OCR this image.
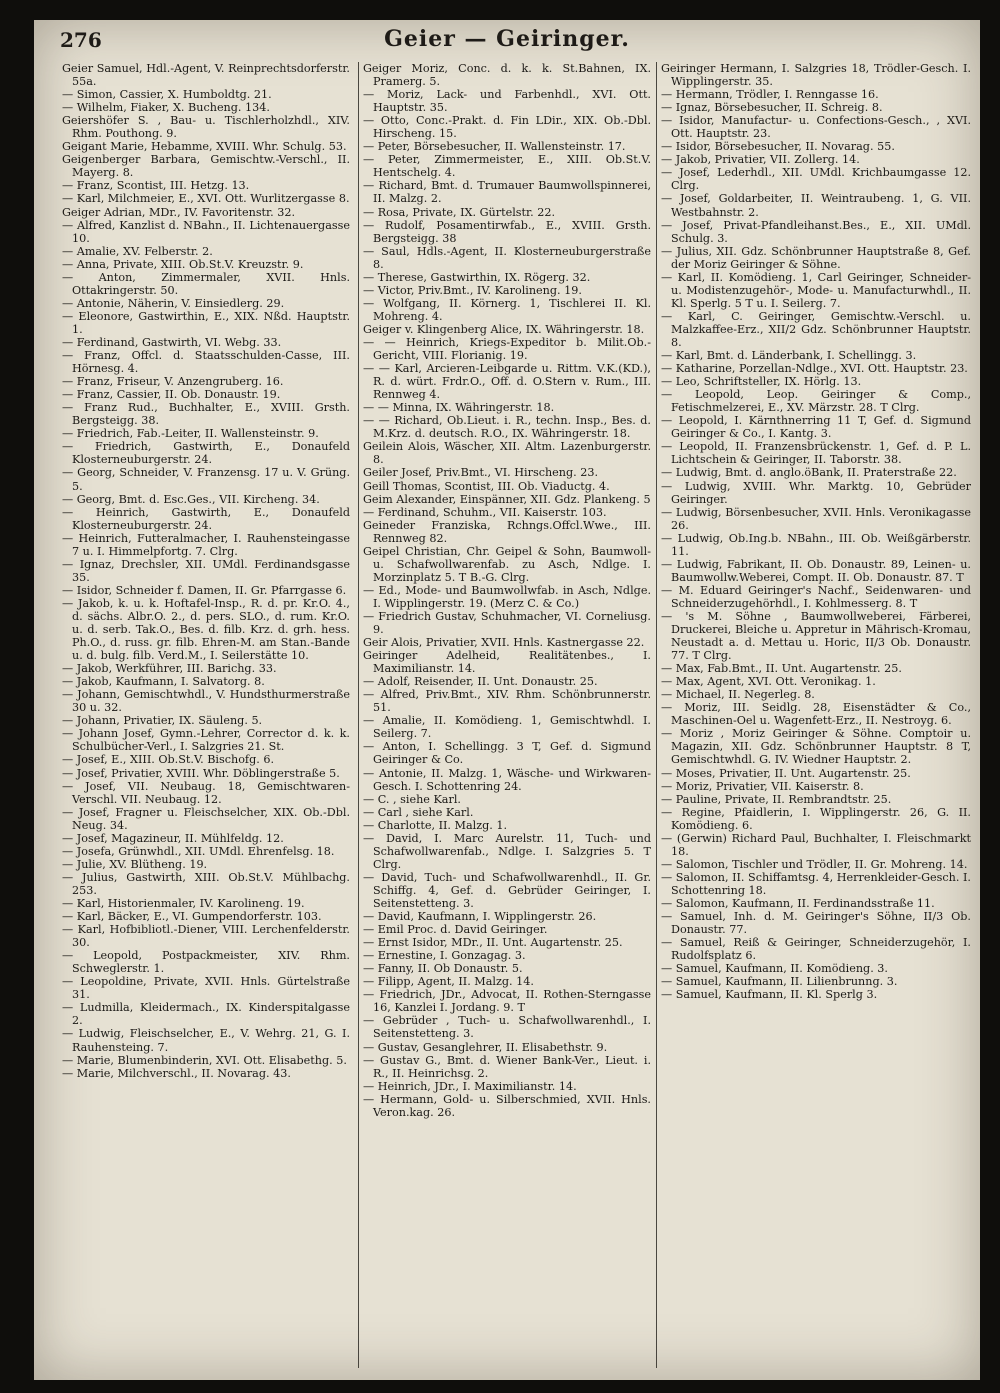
276	Geier — Geiringer.
Geier Samuel, Hdl.-Agent, V. Reinprechtsdorferstr. 55a.
— Simon, Cassier, X. Humboldtg. 21.
— Wilhelm, Fiaker, X. Bucheng. 134.
Geiershöfer S. , Bau- u. Tischlerholzhdl., XIV. Rhm. Pouthong. 9.
Geigant Marie, Hebamme, XVIII. Whr. Schulg. 53.
Geigenberger Barbara, Gemischtw.-Verschl., II. Mayerg. 8.
— Franz, Scontist, III. Hetzg. 13.
— Karl, Milchmeier, E., XVI. Ott. Wurlitzergasse 8.
Geiger Adrian, MDr., IV. Favoritenstr. 32.
— Alfred, Kanzlist d. NBahn., II. Lichtenauergasse 10.
— Amalie, XV. Felberstr. 2.
— Anna, Private, XIII. Ob.St.V. Kreuzstr. 9.
— Anton, Zimmermaler, XVII. Hnls. Ottakringerstr. 50.
— Antonie, Näherin, V. Einsiedlerg. 29.
— Eleonore, Gastwirthin, E., XIX. Nßd. Hauptstr. 1.
— Ferdinand, Gastwirth, VI. Webg. 33.
— Franz, Offcl. d. Staatsschulden-Casse, III. Hörnesg. 4.
— Franz, Friseur, V. Anzengruberg. 16.
— Franz, Cassier, II. Ob. Donaustr. 19.
— Franz Rud., Buchhalter, E., XVIII. Grsth. Bergsteigg. 38.
— Friedrich, Fab.-Leiter, II. Wallensteinstr. 9.
— Friedrich, Gastwirth, E., Donaufeld Klosterneuburgerstr. 24.
— Georg, Schneider, V. Franzensg. 17 u. V. Grüng. 5.
— Georg, Bmt. d. Esc.Ges., VII. Kircheng. 34.
— Heinrich, Gastwirth, E., Donaufeld Klosterneuburgerstr. 24.
— Heinrich, Futteralmacher, I. Rauhensteingasse 7 u. I. Himmelpfortg. 7. Clrg.
— Ignaz, Drechsler, XII. UMdl. Ferdinandsgasse 35.
— Isidor, Schneider f. Damen, II. Gr. Pfarrgasse 6.
— Jakob, k. u. k. Hoftafel-Insp., R. d. pr. Kr.O. 4., d. sächs. Albr.O. 2., d. pers. SLO., d. rum. Kr.O. u. d. serb. Tak.O., Bes. d. filb. Krz. d. grh. hess. Ph.O., d. russ. gr. filb. Ehren-M. am Stan.-Bande u. d. bulg. filb. Verd.M., I. Seilerstätte 10.
— Jakob, Werkführer, III. Barichg. 33.
— Jakob, Kaufmann, I. Salvatorg. 8.
— Johann, Gemischtwhdl., V. Hundsthurmerstraße 30 u. 32.
— Johann, Privatier, IX. Säuleng. 5.
— Johann Josef, Gymn.-Lehrer, Corrector d. k. k. Schulbücher-Verl., I. Salzgries 21. St.
— Josef, E., XIII. Ob.St.V. Bischofg. 6.
— Josef, Privatier, XVIII. Whr. Döblingerstraße 5.
— Josef, VII. Neubaug. 18, Gemischtwaren-Verschl. VII. Neubaug. 12.
— Josef, Fragner u. Fleischselcher, XIX. Ob.-Dbl. Neug. 34.
— Josef, Magazineur, II. Mühlfeldg. 12.
— Josefa, Grünwhdl., XII. UMdl. Ehrenfelsg. 18.
— Julie, XV. Blütheng. 19.
— Julius, Gastwirth, XIII. Ob.St.V. Mühlbachg. 253.
— Karl, Historienmaler, IV. Karolineng. 19.
— Karl, Bäcker, E., VI. Gumpendorferstr. 103.
— Karl, Hofbibliotl.-Diener, VIII. Lerchenfelderstr. 30.
— Leopold, Postpackmeister, XIV. Rhm. Schweglerstr. 1.
— Leopoldine, Private, XVII. Hnls. Gürtelstraße 31.
— Ludmilla, Kleidermach., IX. Kinderspitalgasse 2.
— Ludwig, Fleischselcher, E., V. Wehrg. 21, G. I. Rauhensteing. 7.
— Marie, Blumenbinderin, XVI. Ott. Elisabethg. 5.
— Marie, Milchverschl., II. Novarag. 43.
Geiger Moriz, Conc. d. k. k. St.Bahnen, IX. Pramerg. 5.
— Moriz, Lack- und Farbenhdl., XVI. Ott. Hauptstr. 35.
— Otto, Conc.-Prakt. d. Fin LDir., XIX. Ob.-Dbl. Hirscheng. 15.
— Peter, Börsebesucher, II. Wallensteinstr. 17.
— Peter, Zimmermeister, E., XIII. Ob.St.V. Hentschelg. 4.
— Richard, Bmt. d. Trumauer Baumwollspinnerei, II. Malzg. 2.
— Rosa, Private, IX. Gürtelstr. 22.
— Rudolf, Posamentirwfab., E., XVIII. Grsth. Bergsteigg. 38
— Saul, Hdls.-Agent, II. Klosterneuburgerstraße 8.
— Therese, Gastwirthin, IX. Rögerg. 32.
— Victor, Priv.Bmt., IV. Karolineng. 19.
— Wolfgang, II. Körnerg. 1, Tischlerei II. Kl. Mohreng. 4.
Geiger v. Klingenberg Alice, IX. Währingerstr. 18.
— — Heinrich, Kriegs-Expeditor b. Milit.Ob.-Gericht, VIII. Florianig. 19.
— — Karl, Arcieren-Leibgarde u. Rittm. V.K.(KD.), R. d. würt. Frdr.O., Off. d. O.Stern v. Rum., III. Rennweg 4.
— — Minna, IX. Währingerstr. 18.
— — Richard, Ob.Lieut. i. R., techn. Insp., Bes. d. M.Krz. d. deutsch. R.O., IX. Währingerstr. 18.
Geilein Alois, Wäscher, XII. Altm. Lazenburgerstr. 8.
Geiler Josef, Priv.Bmt., VI. Hirscheng. 23.
Geill Thomas, Scontist, III. Ob. Viaductg. 4.
Geim Alexander, Einspänner, XII. Gdz. Plankeng. 5
— Ferdinand, Schuhm., VII. Kaiserstr. 103.
Geineder Franziska, Rchngs.Offcl.Wwe., III. Rennweg 82.
Geipel Christian, Chr. Geipel & Sohn, Baumwoll- u. Schafwollwarenfab. zu Asch, Ndlge. I. Morzinplatz 5. T B.-G. Clrg.
— Ed., Mode- und Baumwollwfab. in Asch, Ndlge. I. Wipplingerstr. 19. (Merz C. & Co.)
— Friedrich Gustav, Schuhmacher, VI. Corneliusg. 9.
Geir Alois, Privatier, XVII. Hnls. Kastnergasse 22.
Geiringer Adelheid, Realitätenbes., I. Maximilianstr. 14.
— Adolf, Reisender, II. Unt. Donaustr. 25.
— Alfred, Priv.Bmt., XIV. Rhm. Schönbrunnerstr. 51.
— Amalie, II. Komödieng. 1, Gemischtwhdl. I. Seilerg. 7.
— Anton, I. Schellingg. 3 T, Gef. d. Sigmund Geiringer & Co.
— Antonie, II. Malzg. 1, Wäsche- und Wirkwaren-Gesch. I. Schottenring 24.
— C. , siehe Karl.
— Carl , siehe Karl.
— Charlotte, II. Malzg. 1.
— David, I. Marc Aurelstr. 11, Tuch- und Schafwollwarenfab., Ndlge. I. Salzgries 5. T Clrg.
— David, Tuch- und Schafwollwarenhdl., II. Gr. Schiffg. 4, Gef. d. Gebrüder Geiringer, I. Seitenstetteng. 3.
— David, Kaufmann, I. Wipplingerstr. 26.
— Emil Proc. d. David Geiringer.
— Ernst Isidor, MDr., II. Unt. Augartenstr. 25.
— Ernestine, I. Gonzagag. 3.
— Fanny, II. Ob Donaustr. 5.
— Filipp, Agent, II. Malzg. 14.
— Friedrich, JDr., Advocat, II. Rothen-Sterngasse 16, Kanzlei I. Jordang. 9. T
— Gebrüder , Tuch- u. Schafwollwarenhdl., I. Seitenstetteng. 3.
— Gustav, Gesanglehrer, II. Elisabethstr. 9.
— Gustav G., Bmt. d. Wiener Bank-Ver., Lieut. i. R., II. Heinrichsg. 2.
— Heinrich, JDr., I. Maximilianstr. 14.
— Hermann, Gold- u. Silberschmied, XVII. Hnls. Veron.kag. 26.
Geiringer Hermann, I. Salzgries 18, Trödler-Gesch. I. Wipplingerstr. 35.
— Hermann, Trödler, I. Renngasse 16.
— Ignaz, Börsebesucher, II. Schreig. 8.
— Isidor, Manufactur- u. Confections-Gesch., , XVI. Ott. Hauptstr. 23.
— Isidor, Börsebesucher, II. Novarag. 55.
— Jakob, Privatier, VII. Zollerg. 14.
— Josef, Lederhdl., XII. UMdl. Krichbaumgasse 12. Clrg.
— Josef, Goldarbeiter, II. Weintraubeng. 1, G. VII. Westbahnstr. 2.
— Josef, Privat-Pfandleihanst.Bes., E., XII. UMdl. Schulg. 3.
— Julius, XII. Gdz. Schönbrunner Hauptstraße 8, Gef. der Moriz Geiringer & Söhne.
— Karl, II. Komödieng. 1, Carl Geiringer, Schneider- u. Modistenzugehör-, Mode- u. Manufacturwhdl., II. Kl. Sperlg. 5 T u. I. Seilerg. 7.
— Karl, C. Geiringer, Gemischtw.-Verschl. u. Malzkaffee-Erz., XII/2 Gdz. Schönbrunner Hauptstr. 8.
— Karl, Bmt. d. Länderbank, I. Schellingg. 3.
— Katharine, Porzellan-Ndlge., XVI. Ott. Hauptstr. 23.
— Leo, Schriftsteller, IX. Hörlg. 13.
— Leopold, Leop. Geiringer & Comp., Fetischmelzerei, E., XV. Märzstr. 28. T Clrg.
— Leopold, I. Kärnthnerring 11 T, Gef. d. Sigmund Geiringer & Co., I. Kantg. 3.
— Leopold, II. Franzensbrückenstr. 1, Gef. d. P. L. Lichtschein & Geiringer, II. Taborstr. 38.
— Ludwig, Bmt. d. anglo.öBank, II. Praterstraße 22.
— Ludwig, XVIII. Whr. Marktg. 10, Gebrüder Geiringer.
— Ludwig, Börsenbesucher, XVII. Hnls. Veronikagasse 26.
— Ludwig, Ob.Ing.b. NBahn., III. Ob. Weißgärberstr. 11.
— Ludwig, Fabrikant, II. Ob. Donaustr. 89, Leinen- u. Baumwollw.Weberei, Compt. II. Ob. Donaustr. 87. T
— M. Eduard Geiringer's Nachf., Seidenwaren- und Schneiderzugehörhdl., I. Kohlmesserg. 8. T
— 's M. Söhne , Baumwollweberei, Färberei, Druckerei, Bleiche u. Appretur in Mährisch-Kromau, Neustadt a. d. Mettau u. Horic, II/3 Ob. Donaustr. 77. T Clrg.
— Max, Fab.Bmt., II. Unt. Augartenstr. 25.
— Max, Agent, XVI. Ott. Veronikag. 1.
— Michael, II. Negerleg. 8.
— Moriz, III. Seidlg. 28, Eisenstädter & Co., Maschinen-Oel u. Wagenfett-Erz., II. Nestroyg. 6.
— Moriz , Moriz Geiringer & Söhne. Comptoir u. Magazin, XII. Gdz. Schönbrunner Hauptstr. 8 T, Gemischtwhdl. G. IV. Wiedner Hauptstr. 2.
— Moses, Privatier, II. Unt. Augartenstr. 25.
— Moriz, Privatier, VII. Kaiserstr. 8.
— Pauline, Private, II. Rembrandtstr. 25.
— Regine, Pfaidlerin, I. Wipplingerstr. 26, G. II. Komödieng. 6.
— (Gerwin) Richard Paul, Buchhalter, I. Fleischmarkt 18.
— Salomon, Tischler und Trödler, II. Gr. Mohreng. 14.
— Salomon, II. Schiffamtsg. 4, Herrenkleider-Gesch. I. Schottenring 18.
— Salomon, Kaufmann, II. Ferdinandsstraße 11.
— Samuel, Inh. d. M. Geiringer's Söhne, II/3 Ob. Donaustr. 77.
— Samuel, Reiß & Geiringer, Schneiderzugehör, I. Rudolfsplatz 6.
— Samuel, Kaufmann, II. Komödieng. 3.
— Samuel, Kaufmann, II. Lilienbrunng. 3.
— Samuel, Kaufmann, II. Kl. Sperlg 3.
